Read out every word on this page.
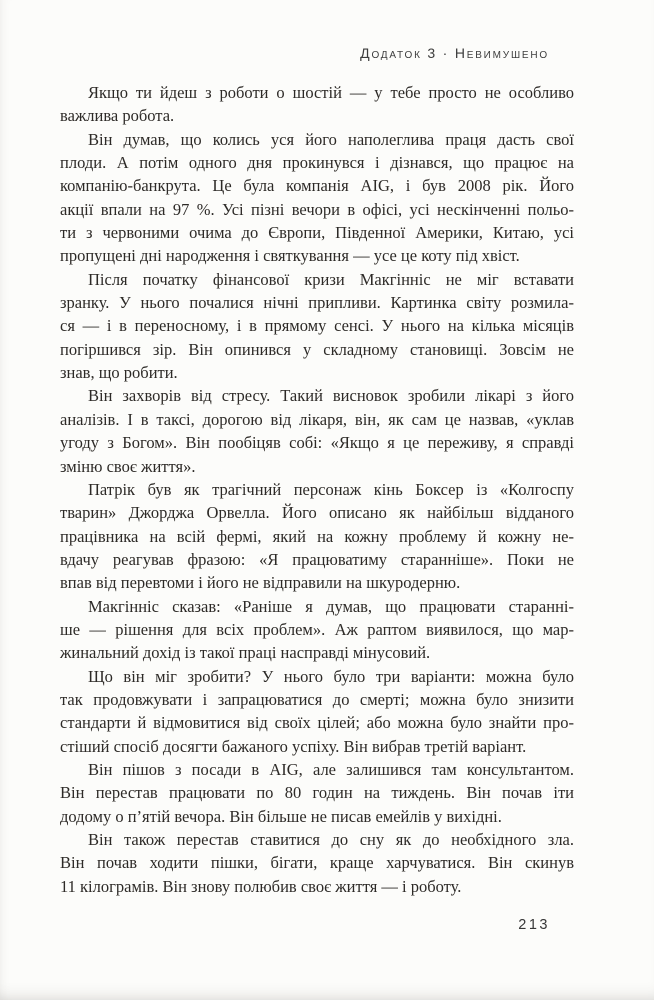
Додаток 3 · Невимушено
Якщо ти йдеш з роботи о шостій — у тебе просто не особливо
важлива робота.
Він думав, що колись уся його наполеглива праця дасть свої
плоди. А потім одного дня прокинувся і дізнався, що працює на
компанію-банкрута. Це була компанія AIG, і був 2008 рік. Його
акції впали на 97 %. Усі пізні вечори в офісі, усі нескінченні польо-
ти з червоними очима до Європи, Південної Америки, Китаю, усі
пропущені дні народження і святкування — усе це коту під хвіст.
Після початку фінансової кризи Макгінніс не міг вставати
зранку. У нього почалися нічні припливи. Картинка світу розмила-
ся — і в переносному, і в прямому сенсі. У нього на кілька місяців
погіршився зір. Він опинився у складному становищі. Зовсім не
знав, що робити.
Він захворів від стресу. Такий висновок зробили лікарі з його
аналізів. І в таксі, дорогою від лікаря, він, як сам це назвав, «уклав
угоду з Богом». Він пообіцяв собі: «Якщо я це переживу, я справді
зміню своє життя».
Патрік був як трагічний персонаж кінь Боксер із «Колгоспу
тварин» Джорджа Орвелла. Його описано як найбільш відданого
працівника на всій фермі, який на кожну проблему й кожну не-
вдачу реагував фразою: «Я працюватиму старанніше». Поки не
впав від перевтоми і його не відправили на шкуродерню.
Макгінніс сказав: «Раніше я думав, що працювати старанні-
ше — рішення для всіх проблем». Аж раптом виявилося, що мар-
жинальний дохід із такої праці насправді мінусовий.
Що він міг зробити? У нього було три варіанти: можна було
так продовжувати і запрацюватися до смерті; можна було знизити
стандарти й відмовитися від своїх цілей; або можна було знайти про-
стіший спосіб досягти бажаного успіху. Він вибрав третій варіант.
Він пішов з посади в AIG, але залишився там консультантом.
Він перестав працювати по 80 годин на тиждень. Він почав іти
додому о п’ятій вечора. Він більше не писав емейлів у вихідні.
Він також перестав ставитися до сну як до необхідного зла.
Він почав ходити пішки, бігати, краще харчуватися. Він скинув
11 кілограмів. Він знову полюбив своє життя — і роботу.
213
